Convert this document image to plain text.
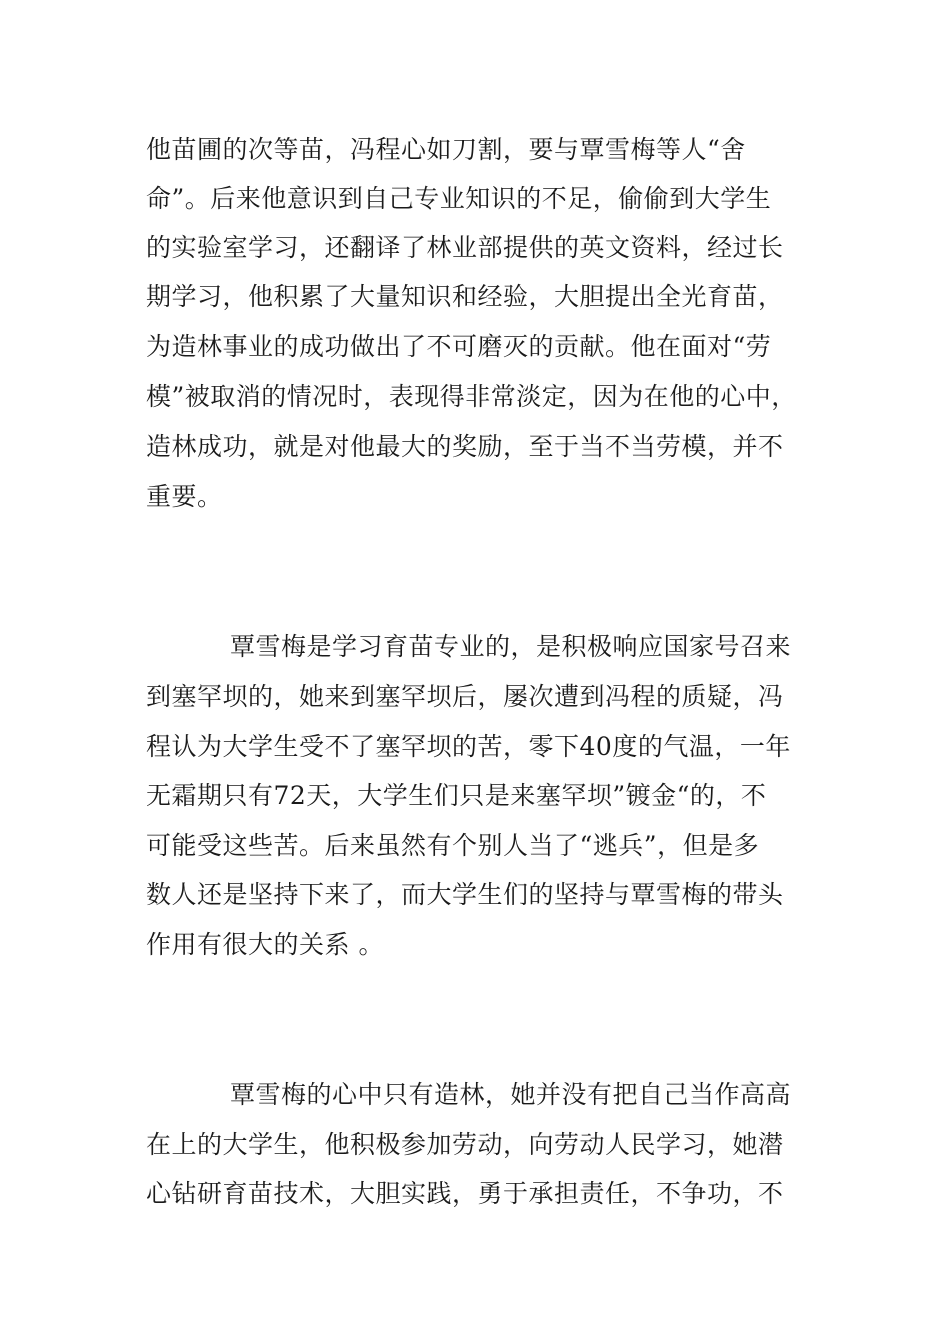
他苗圃的次等苗，冯程心如刀割，要与覃雪梅等人“舍
命”。后来他意识到自己专业知识的不足，偷偷到大学生
的实验室学习，还翻译了林业部提供的英文资料，经过长
期学习，他积累了大量知识和经验，大胆提出全光育苗，
为造林事业的成功做出了不可磨灭的贡献。他在面对“劳
模”被取消的情况时，表现得非常淡定，因为在他的心中，
造林成功，就是对他最大的奖励，至于当不当劳模，并不
重要。
覃雪梅是学习育苗专业的，是积极响应国家号召来
到塞罕坝的，她来到塞罕坝后，屡次遭到冯程的质疑，冯
程认为大学生受不了塞罕坝的苦，零下40度的气温，一年
无霜期只有72天，大学生们只是来塞罕坝”镀金“的，不
可能受这些苦。后来虽然有个别人当了“逃兵”，但是多
数人还是坚持下来了，而大学生们的坚持与覃雪梅的带头
作用有很大的关系 。
覃雪梅的心中只有造林，她并没有把自己当作高高
在上的大学生，他积极参加劳动，向劳动人民学习，她潜
心钻研育苗技术，大胆实践，勇于承担责任，不争功，不
